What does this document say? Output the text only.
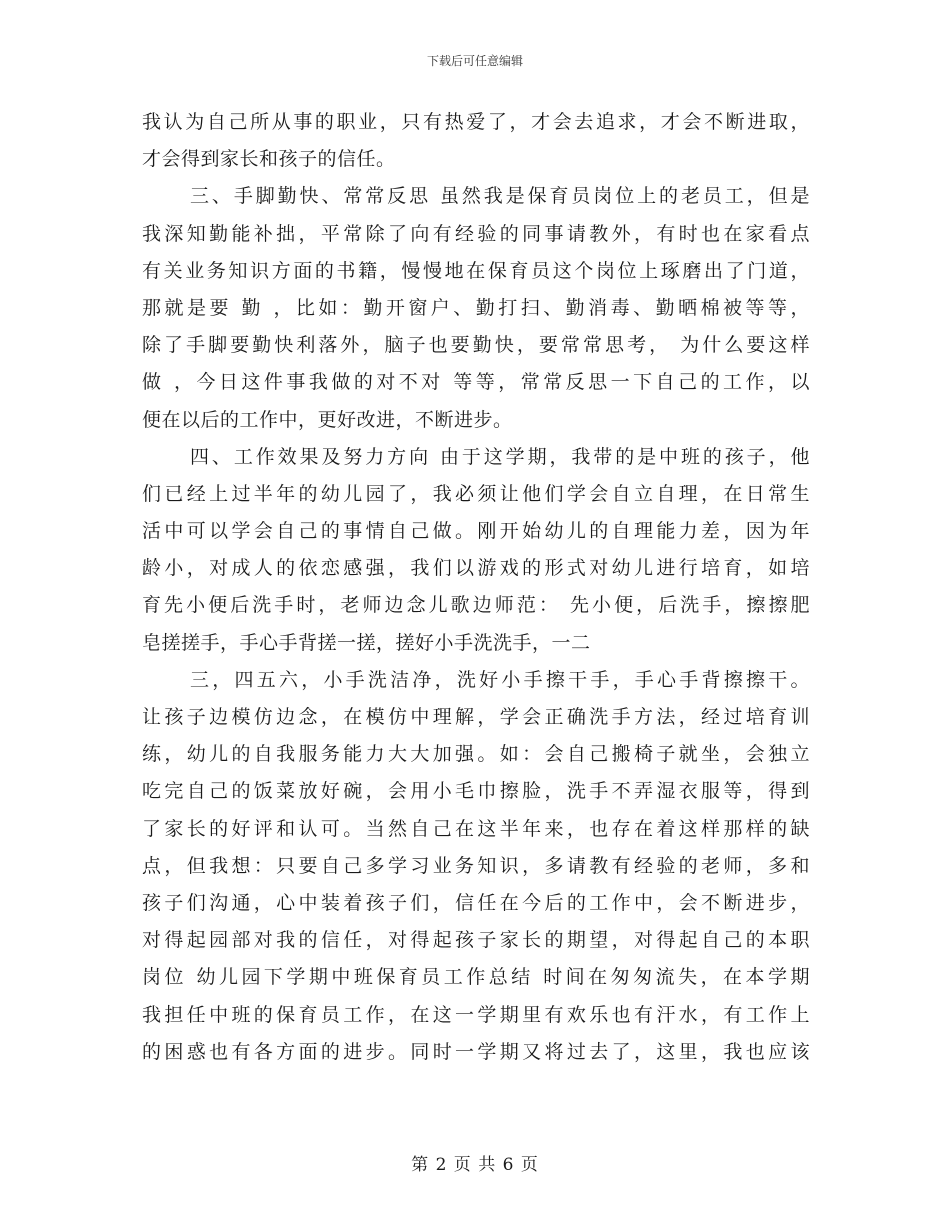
下载后可任意编辑
我认为自己所从事的职业，只有热爱了，才会去追求，才会不断进取，
才会得到家长和孩子的信任。
三、手脚勤快、常常反思 虽然我是保育员岗位上的老员工，但是
我深知勤能补拙，平常除了向有经验的同事请教外，有时也在家看点
有关业务知识方面的书籍，慢慢地在保育员这个岗位上琢磨出了门道，
那就是要 勤 ，比如：勤开窗户、勤打扫、勤消毒、勤晒棉被等等，
除了手脚要勤快利落外，脑子也要勤快，要常常思考， 为什么要这样
做 ，今日这件事我做的对不对 等等，常常反思一下自己的工作，以
便在以后的工作中，更好改进，不断进步。
四、工作效果及努力方向 由于这学期，我带的是中班的孩子，他
们已经上过半年的幼儿园了，我必须让他们学会自立自理，在日常生
活中可以学会自己的事情自己做。刚开始幼儿的自理能力差，因为年
龄小，对成人的依恋感强，我们以游戏的形式对幼儿进行培育，如培
育先小便后洗手时，老师边念儿歌边师范： 先小便，后洗手，擦擦肥
皂搓搓手，手心手背搓一搓，搓好小手洗洗手，一二
三，四五六，小手洗洁净，洗好小手擦干手，手心手背擦擦干。
让孩子边模仿边念，在模仿中理解，学会正确洗手方法，经过培育训
练，幼儿的自我服务能力大大加强。如：会自己搬椅子就坐，会独立
吃完自己的饭菜放好碗，会用小毛巾擦脸，洗手不弄湿衣服等，得到
了家长的好评和认可。当然自己在这半年来，也存在着这样那样的缺
点，但我想：只要自己多学习业务知识，多请教有经验的老师，多和
孩子们沟通，心中装着孩子们，信任在今后的工作中，会不断进步，
对得起园部对我的信任，对得起孩子家长的期望，对得起自己的本职
岗位 幼儿园下学期中班保育员工作总结 时间在匆匆流失，在本学期
我担任中班的保育员工作，在这一学期里有欢乐也有汗水，有工作上
的困惑也有各方面的进步。同时一学期又将过去了，这里，我也应该
第 2 页 共 6 页
